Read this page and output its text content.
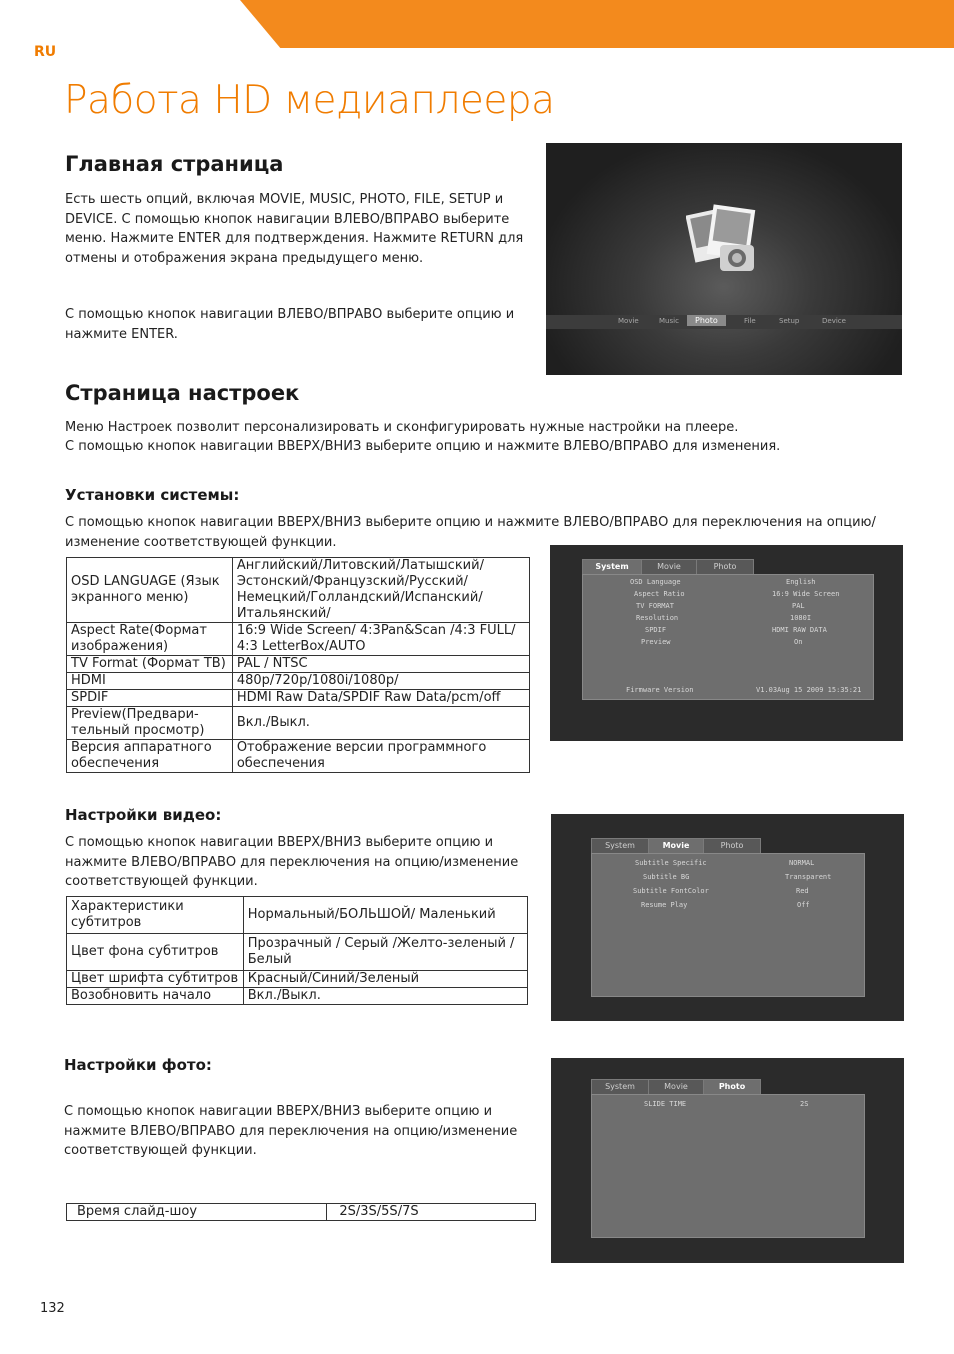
RU
Работа HD медиаплеера
Главная страница
Есть шесть опций, включая MOVIE, MUSIC, PHOTO, FILE, SETUP и DEVICE. С помощью кнопок навигации ВЛЕВО/ВПРАВО выберите меню. Нажмите ENTER для подтверждения. Нажмите RETURN для отмены и отображения экрана предыдущего меню.
С помощью кнопок навигации ВЛЕВО/ВПРАВО выберите опцию и нажмите ENTER.
Movie	Music	Photo	File	Setup	Device
Страница настроек
Меню Настроек позволит персонализировать и сконфигурировать нужные настройки на плеере.
С помощью кнопок навигации ВВЕРХ/ВНИЗ выберите опцию и нажмите ВЛЕВО/ВПРАВО для изменения.
Установки системы:
С помощью кнопок навигации ВВЕРХ/ВНИЗ выберите опцию и нажмите ВЛЕВО/ВПРАВО для переключения на опцию/ изменение соответствующей функции.
OSD LANGUAGE (Язык экранного меню)	Английский/Литовский/Латышский/ Эстонский/Французский/Русский/ Немецкий/Голландский/Испанский/ Итальянский/
Aspect Rate(Формат изображения)	16:9 Wide Screen/ 4:3Pan&Scan /4:3 FULL/ 4:3 LetterBox/AUTO
TV Format (Формат ТВ)	PAL / NTSC
HDMI	480p/720p/1080i/1080p/
SPDIF	HDMI Raw Data/SPDIF Raw Data/pcm/off
Preview(Предвари-тельный просмотр)	Вкл./Выкл.
Версия аппаратного обеспечения	Отображение версии программного обеспечения
System	Movie	Photo
OSD Language	English
Aspect Ratio	16:9 Wide Screen
TV FORMAT	PAL
Resolution	1080I
SPDIF	HDMI RAW DATA
Preview	On
Firmware Version	V1.03Aug 15 2009 15:35:21
Настройки видео:
С помощью кнопок навигации ВВЕРХ/ВНИЗ выберите опцию и нажмите ВЛЕВО/ВПРАВО для переключения на опцию/изменение соответствующей функции.
Характеристики субтитров	Нормальный/БОЛЬШОЙ/ Маленький
Цвет фона субтитров	Прозрачный / Серый /Желто-зеленый /Белый
Цвет шрифта субтитров	Красный/Синий/Зеленый
Возобновить начало	Вкл./Выкл.
System	Movie	Photo
Subtitle Specific	NORMAL
Subtitle BG	Transparent
Subtitle FontColor	Red
Resume Play	Off
Настройки фото:
С помощью кнопок навигации ВВЕРХ/ВНИЗ выберите опцию и нажмите ВЛЕВО/ВПРАВО для переключения на опцию/изменение соответствующей функции.
Время слайд-шоу	2S/3S/5S/7S
System	Movie	Photo
SLIDE TIME	2S
132
